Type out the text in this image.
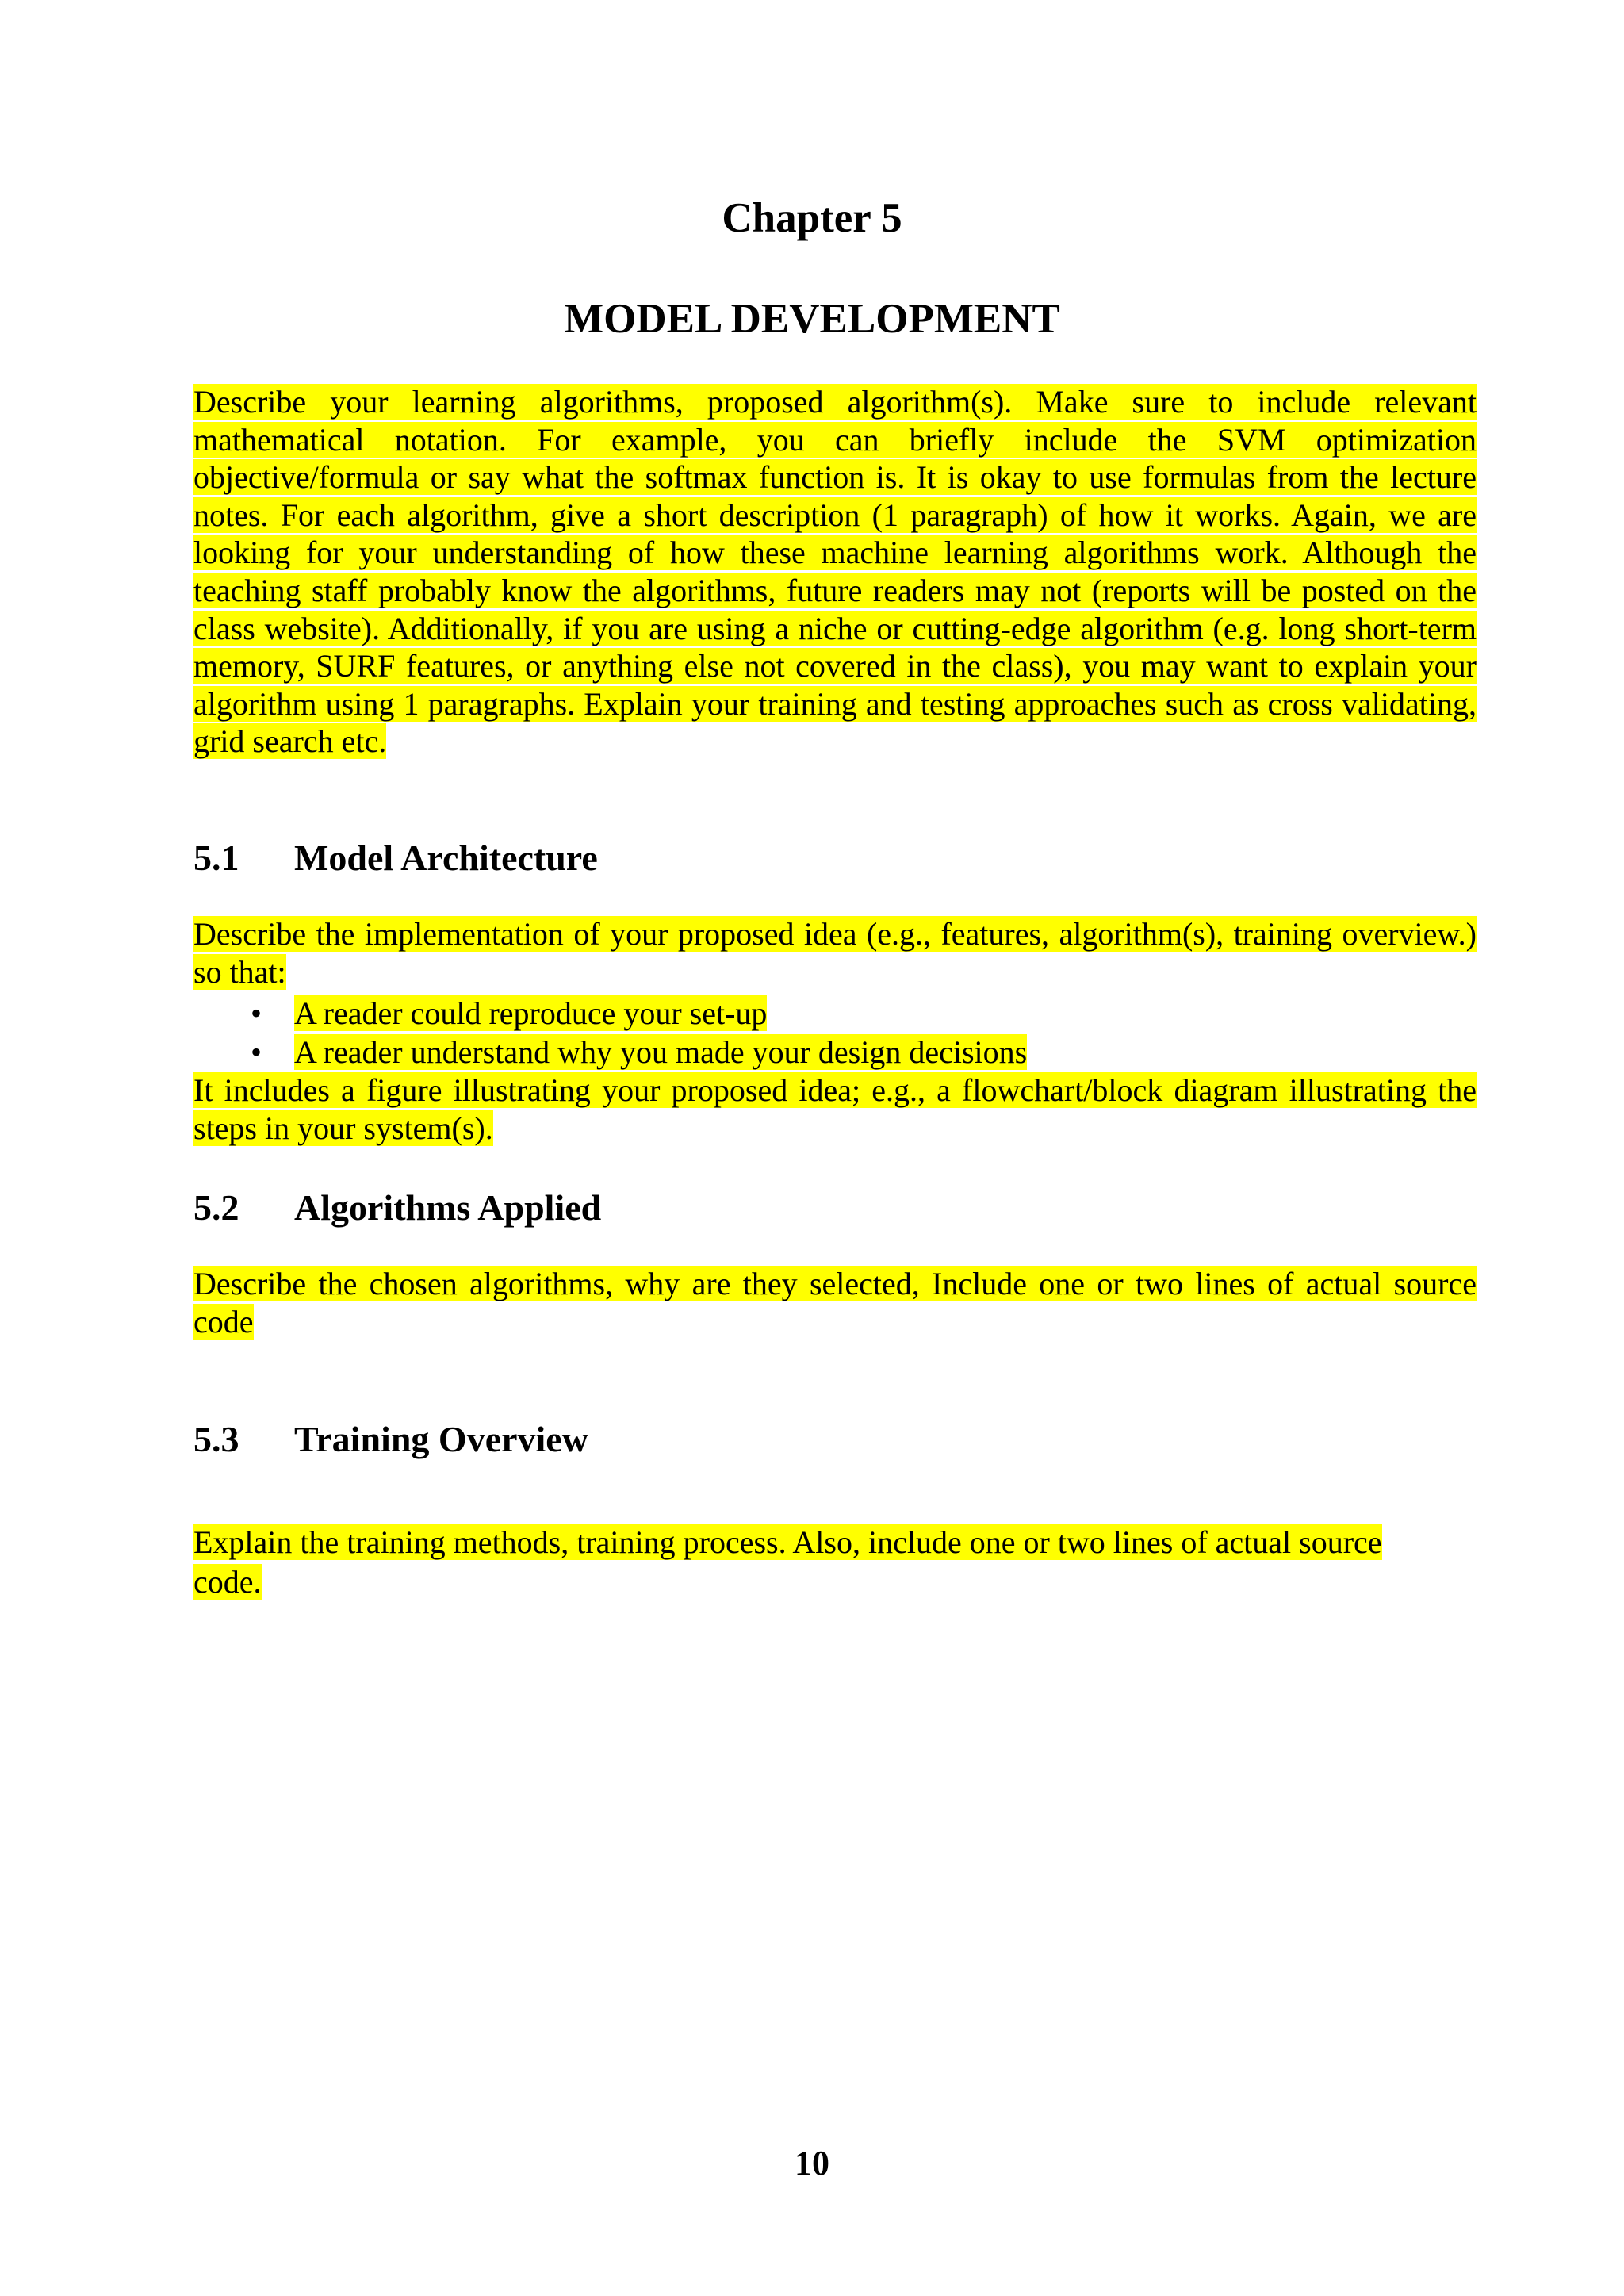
Chapter 5
MODEL DEVELOPMENT

Describe your learning algorithms, proposed algorithm(s). Make sure to include relevant mathematical notation. For example, you can briefly include the SVM optimization objective/formula or say what the softmax function is. It is okay to use formulas from the lecture notes. For each algorithm, give a short description (1 paragraph) of how it works. Again, we are looking for your understanding of how these machine learning algorithms work. Although the teaching staff probably know the algorithms, future readers may not (reports will be posted on the class website). Additionally, if you are using a niche or cutting-edge algorithm (e.g. long short-term memory, SURF features, or anything else not covered in the class), you may want to explain your algorithm using 1 paragraphs. Explain your training and testing approaches such as cross validating, grid search etc.

5.1 Model Architecture

Describe the implementation of your proposed idea (e.g., features, algorithm(s), training overview.) so that:

• A reader could reproduce your set-up
• A reader understand why you made your design decisions

It includes a figure illustrating your proposed idea; e.g., a flowchart/block diagram illustrating the steps in your system(s).

5.2 Algorithms Applied

Describe the chosen algorithms, why are they selected, Include one or two lines of actual source code

5.3 Training Overview

Explain the training methods, training process. Also, include one or two lines of actual source code.

10
